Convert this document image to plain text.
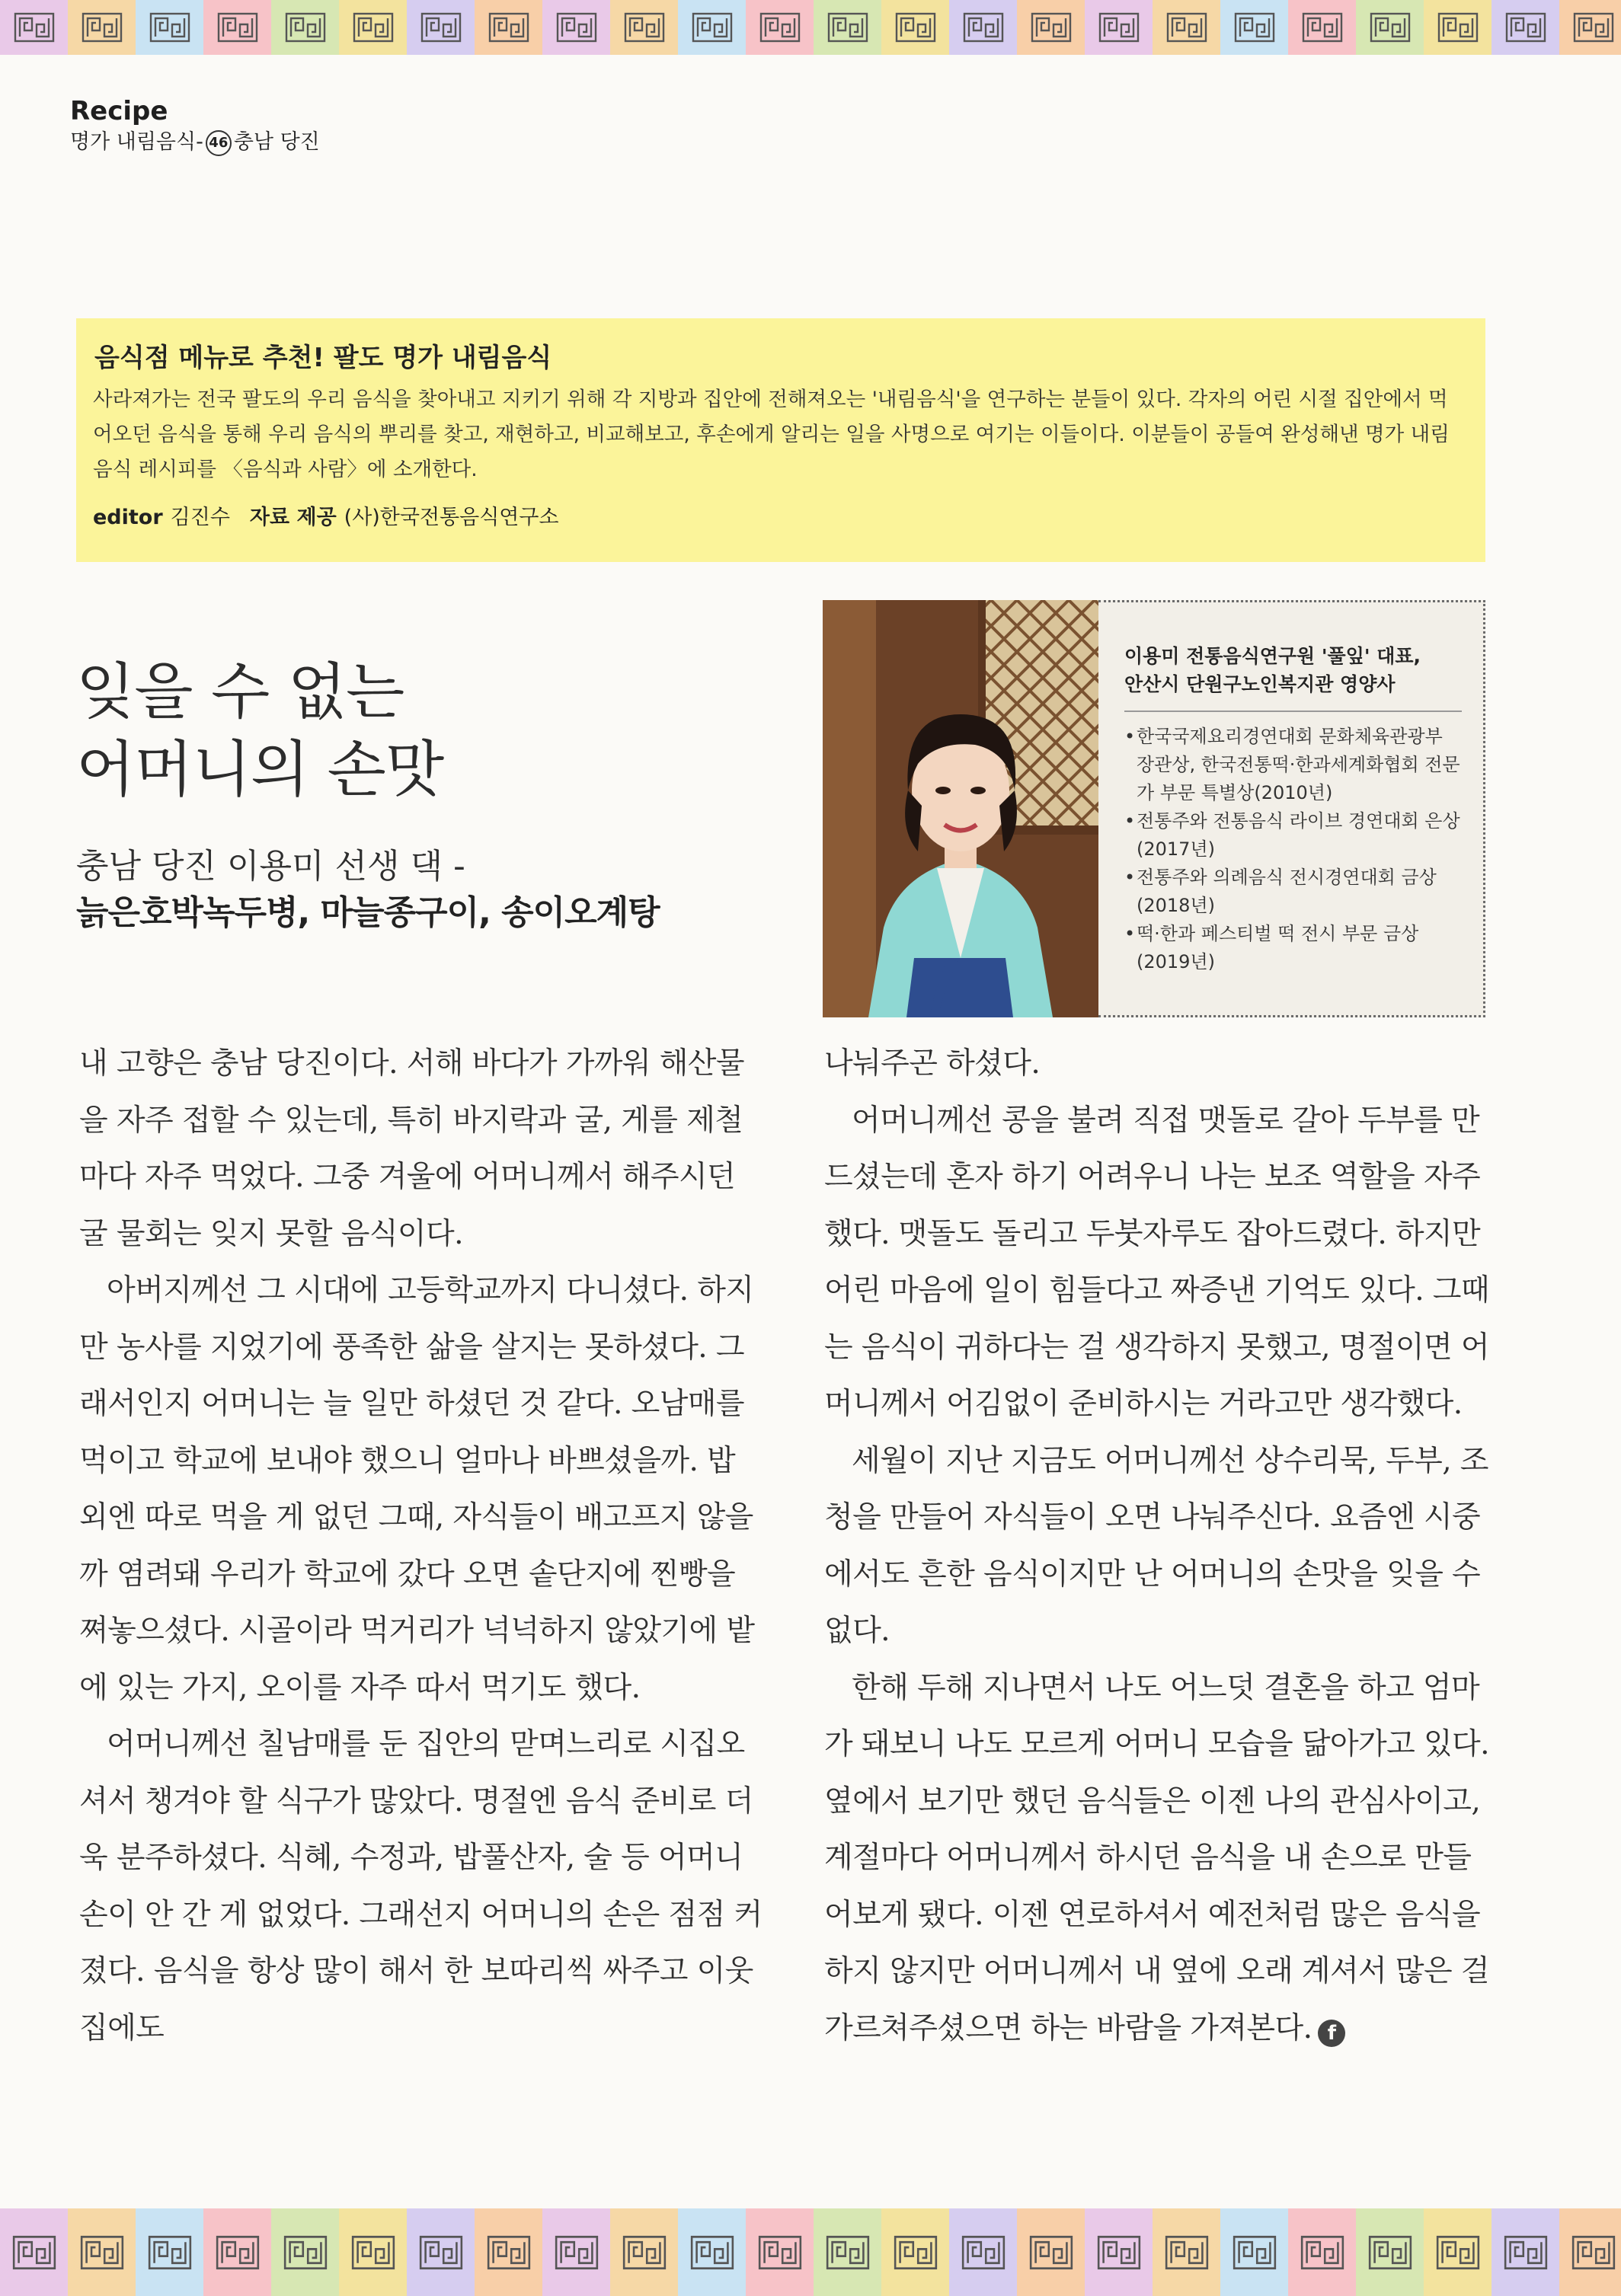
Recipe
명가 내림음식- 46 충남 당진
음식점 메뉴로 추천! 팔도 명가 내림음식
사라져가는 전국 팔도의 우리 음식을 찾아내고 지키기 위해 각 지방과 집안에 전해져오는 '내림음식'을 연구하는 분들이 있다. 각자의 어린 시절 집안에서 먹어오던 음식을 통해 우리 음식의 뿌리를 찾고, 재현하고, 비교해보고, 후손에게 알리는 일을 사명으로 여기는 이들이다. 이분들이 공들여 완성해낸 명가 내림음식 레시피를 〈음식과 사람〉에 소개한다.
editor 김진수 자료 제공 (사)한국전통음식연구소
잊을 수 없는
어머니의 손맛
충남 당진 이용미 선생 댁 -
늙은호박녹두병, 마늘종구이, 송이오계탕
이용미 전통음식연구원 '풀잎' 대표,
안산시 단원구노인복지관 영양사
• 한국국제요리경연대회 문화체육관광부 장관상, 한국전통떡·한과세계화협회 전문가 부문 특별상(2010년)
• 전통주와 전통음식 라이브 경연대회 은상(2017년)
• 전통주와 의례음식 전시경연대회 금상(2018년)
• 떡·한과 페스티벌 떡 전시 부문 금상(2019년)

내 고향은 충남 당진이다. 서해 바다가 가까워 해산물을 자주 접할 수 있는데, 특히 바지락과 굴, 게를 제철마다 자주 먹었다. 그중 겨울에 어머니께서 해주시던 굴 물회는 잊지 못할 음식이다.

아버지께선 그 시대에 고등학교까지 다니셨다. 하지만 농사를 지었기에 풍족한 삶을 살지는 못하셨다. 그래서인지 어머니는 늘 일만 하셨던 것 같다. 오남매를 먹이고 학교에 보내야 했으니 얼마나 바쁘셨을까. 밥 외엔 따로 먹을 게 없던 그때, 자식들이 배고프지 않을까 염려돼 우리가 학교에 갔다 오면 솥단지에 찐빵을 쪄놓으셨다. 시골이라 먹거리가 넉넉하지 않았기에 밭에 있는 가지, 오이를 자주 따서 먹기도 했다.

어머니께선 칠남매를 둔 집안의 맏며느리로 시집오셔서 챙겨야 할 식구가 많았다. 명절엔 음식 준비로 더욱 분주하셨다. 식혜, 수정과, 밥풀산자, 술 등 어머니 손이 안 간 게 없었다. 그래선지 어머니의 손은 점점 커졌다. 음식을 항상 많이 해서 한 보따리씩 싸주고 이웃집에도

나눠주곤 하셨다.

어머니께선 콩을 불려 직접 맷돌로 갈아 두부를 만드셨는데 혼자 하기 어려우니 나는 보조 역할을 자주 했다. 맷돌도 돌리고 두붓자루도 잡아드렸다. 하지만 어린 마음에 일이 힘들다고 짜증낸 기억도 있다. 그때는 음식이 귀하다는 걸 생각하지 못했고, 명절이면 어머니께서 어김없이 준비하시는 거라고만 생각했다.

세월이 지난 지금도 어머니께선 상수리묵, 두부, 조청을 만들어 자식들이 오면 나눠주신다. 요즘엔 시중에서도 흔한 음식이지만 난 어머니의 손맛을 잊을 수 없다.

한해 두해 지나면서 나도 어느덧 결혼을 하고 엄마가 돼보니 나도 모르게 어머니 모습을 닮아가고 있다. 옆에서 보기만 했던 음식들은 이젠 나의 관심사이고, 계절마다 어머니께서 하시던 음식을 내 손으로 만들어보게 됐다. 이젠 연로하셔서 예전처럼 많은 음식을 하지 않지만 어머니께서 내 옆에 오래 계셔서 많은 걸 가르쳐주셨으면 하는 바람을 가져본다. f
